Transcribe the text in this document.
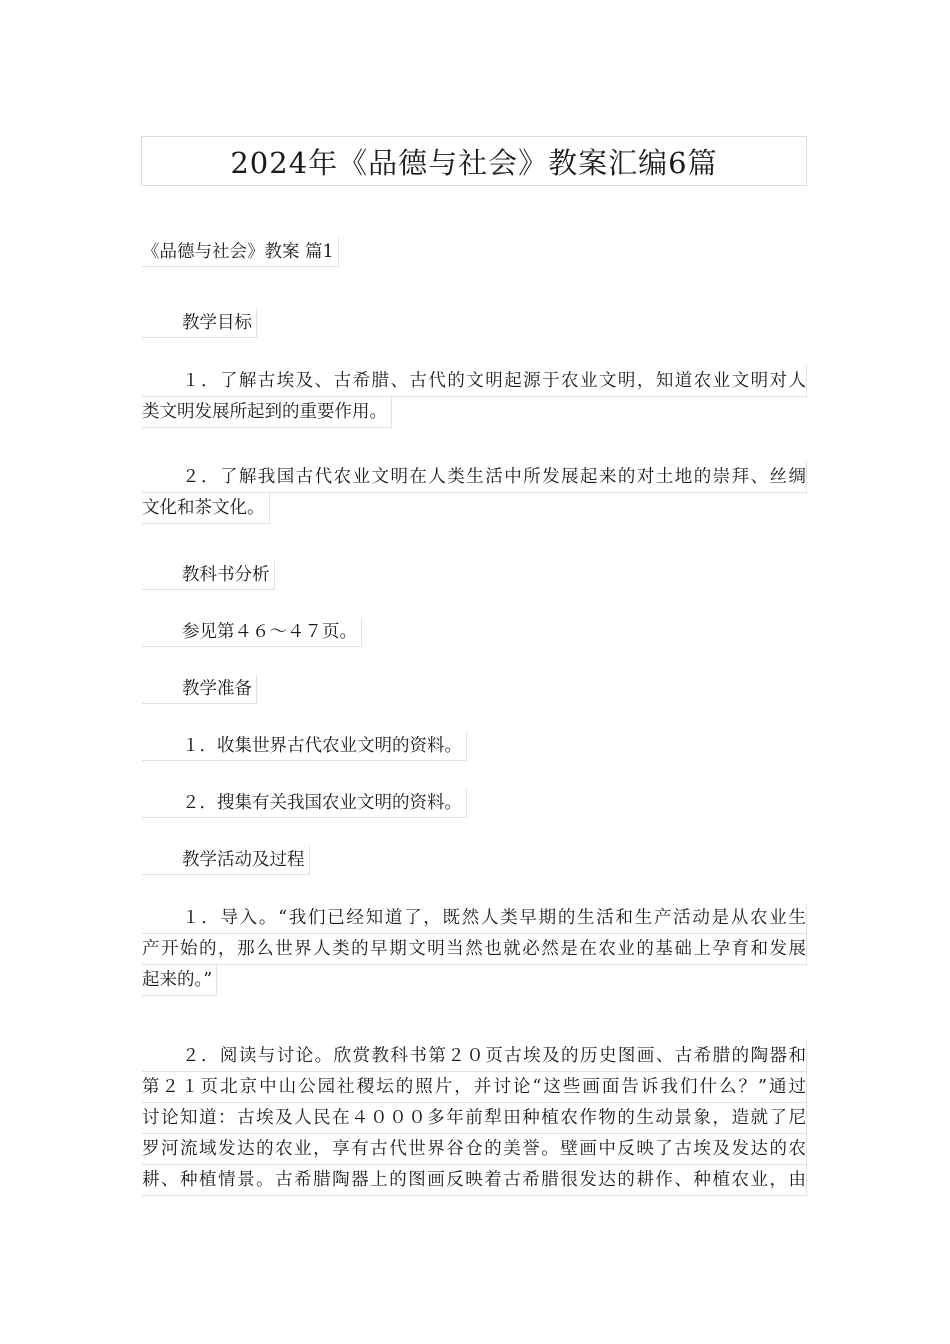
2024年《品德与社会》教案汇编6篇
《品德与社会》教案 篇1
教学目标
１．了解古埃及、古希腊、古代的文明起源于农业文明，知道农业文明对人
类文明发展所起到的重要作用。
２．了解我国古代农业文明在人类生活中所发展起来的对土地的崇拜、丝绸
文化和茶文化。
教科书分析
参见第４６～４７页。
教学准备
１．收集世界古代农业文明的资料。
２．搜集有关我国农业文明的资料。
教学活动及过程
１．导入。“我们已经知道了，既然人类早期的生活和生产活动是从农业生
产开始的，那么世界人类的早期文明当然也就必然是在农业的基础上孕育和发展
起来的。”
２．阅读与讨论。欣赏教科书第２０页古埃及的历史图画、古希腊的陶器和
第２１页北京中山公园社稷坛的照片，并讨论“这些画面告诉我们什么？”通过
讨论知道：古埃及人民在４０００多年前犁田种植农作物的生动景象，造就了尼
罗河流域发达的农业，享有古代世界谷仓的美誉。壁画中反映了古埃及发达的农
耕、种植情景。古希腊陶器上的图画反映着古希腊很发达的耕作、种植农业，由
